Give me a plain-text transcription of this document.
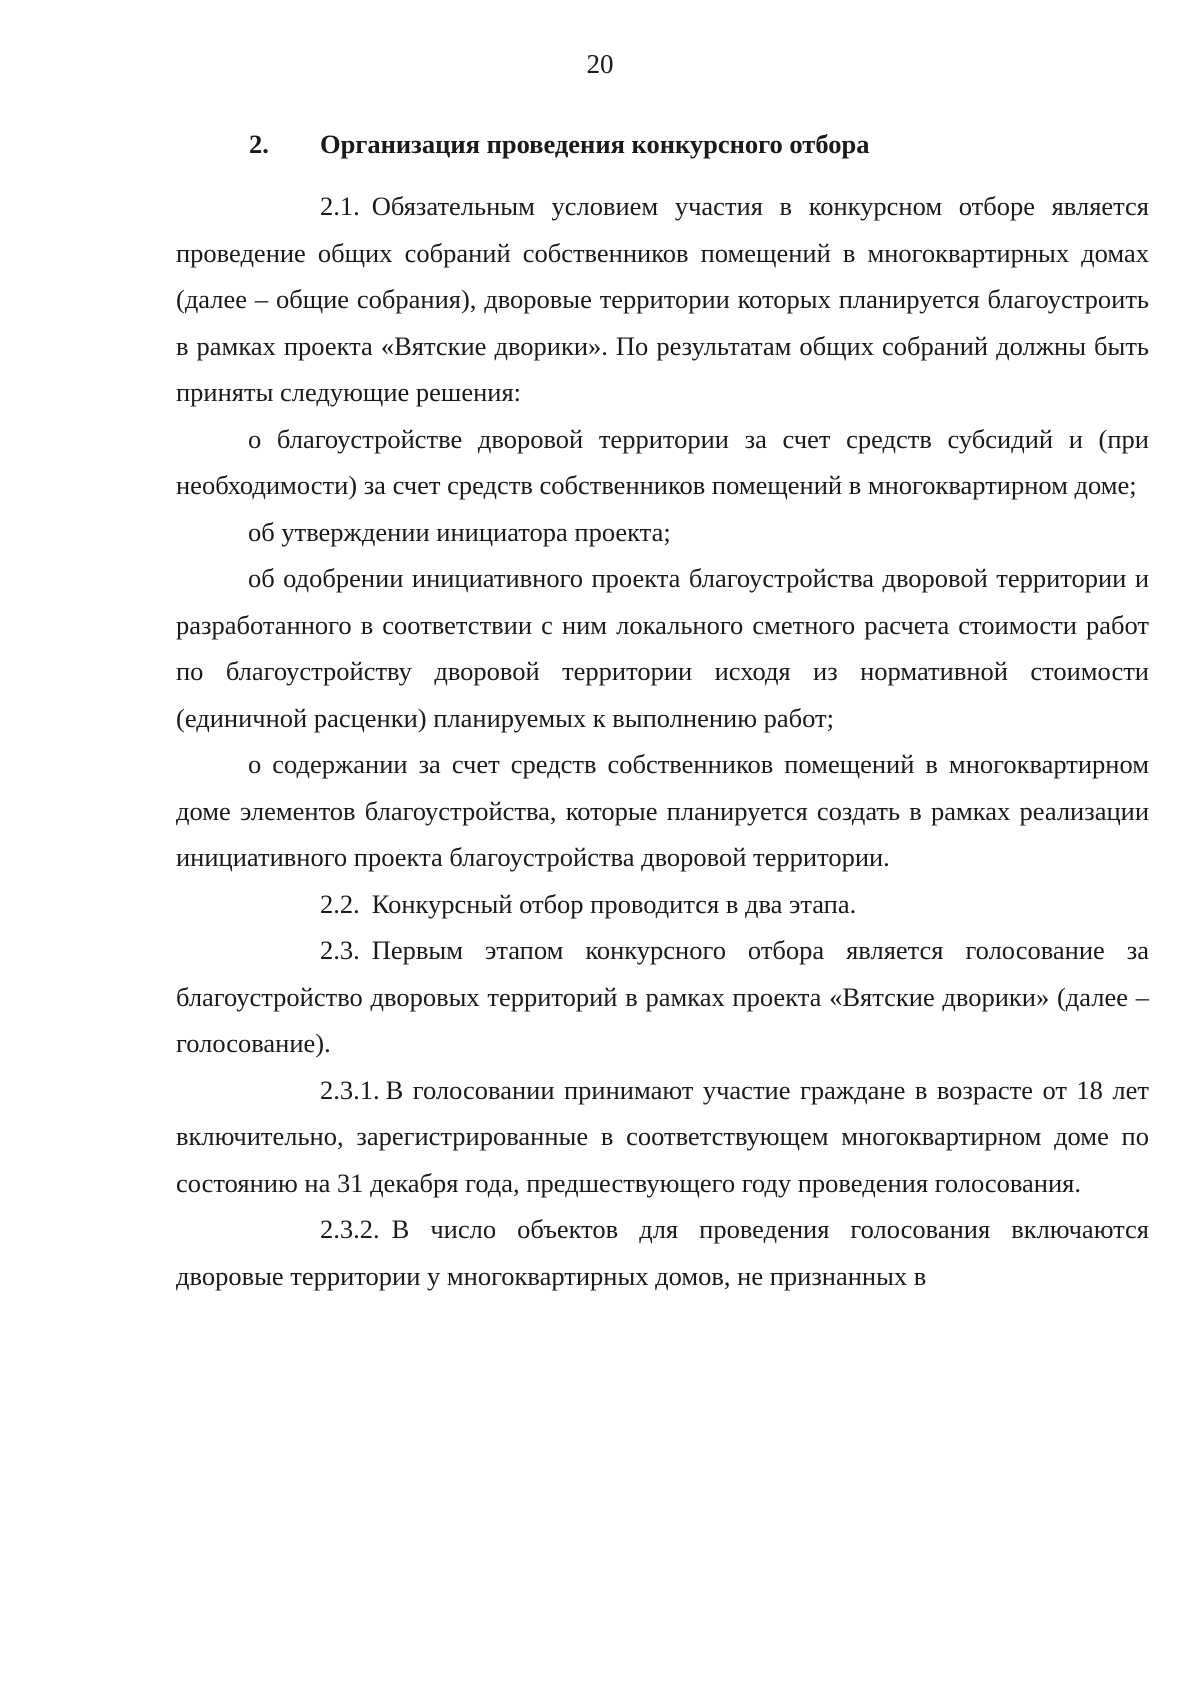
20
2. Организация проведения конкурсного отбора

2.1. Обязательным условием участия в конкурсном отборе является проведение общих собраний собственников помещений в многоквартирных домах (далее – общие собрания), дворовые территории которых планируется благоустроить в рамках проекта «Вятские дворики». По результатам общих собраний должны быть приняты следующие решения:

о благоустройстве дворовой территории за счет средств субсидий и (при необходимости) за счет средств собственников помещений в многоквартирном доме;

об утверждении инициатора проекта;

об одобрении инициативного проекта благоустройства дворовой территории и разработанного в соответствии с ним локального сметного расчета стоимости работ по благоустройству дворовой территории исходя из нормативной стоимости (единичной расценки) планируемых к выполнению работ;

о содержании за счет средств собственников помещений в многоквартирном доме элементов благоустройства, которые планируется создать в рамках реализации инициативного проекта благоустройства дворовой территории.

2.2. Конкурсный отбор проводится в два этапа.

2.3. Первым этапом конкурсного отбора является голосование за благоустройство дворовых территорий в рамках проекта «Вятские дворики» (далее – голосование).

2.3.1. В голосовании принимают участие граждане в возрасте от 18 лет включительно, зарегистрированные в соответствующем многоквартирном доме по состоянию на 31 декабря года, предшествующего году проведения голосования.

2.3.2. В число объектов для проведения голосования включаются дворовые территории у многоквартирных домов, не признанных в
